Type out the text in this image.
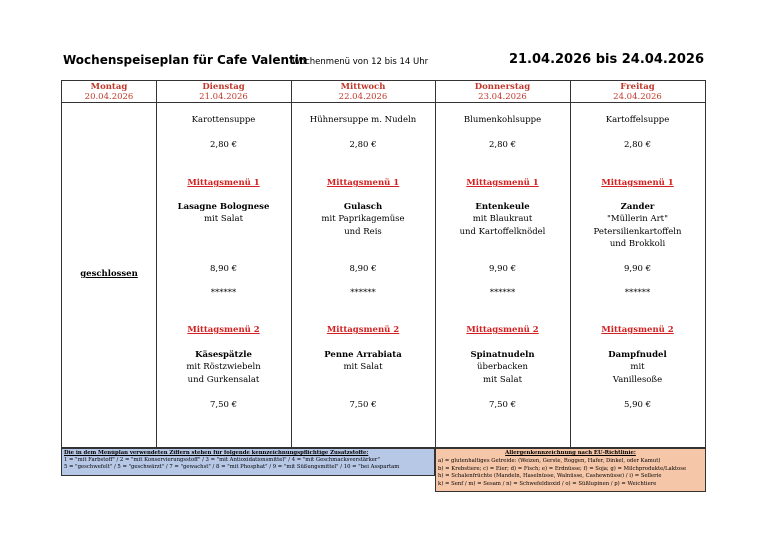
Wochenspeiseplan für Cafe Valentin
Wochenmenü von 12 bis 14 Uhr	21.04.2026 bis 24.04.2026
Montag
20.04.2026
Dienstag
21.04.2026
Mittwoch
22.04.2026
Donnerstag
23.04.2026
Freitag
24.04.2026
geschlossen
Karottensuppe
2,80 €
Mittagsmenü 1
Lasagne Bolognese
mit Salat
8,90 €
******
Mittagsmenü 2
Käsespätzle
mit Röstzwiebeln
und Gurkensalat
7,50 €
Hühnersuppe m. Nudeln
2,80 €
Mittagsmenü 1
Gulasch
mit Paprikagemüse
und Reis
8,90 €
******
Mittagsmenü 2
Penne Arrabiata
mit Salat
7,50 €
Blumenkohlsuppe
2,80 €
Mittagsmenü 1
Entenkeule
mit Blaukraut
und Kartoffelknödel
9,90 €
******
Mittagsmenü 2
Spinatnudeln
überbacken
mit Salat
7,50 €
Kartoffelsuppe
2,80 €
Mittagsmenü 1
Zander
"Müllerin Art"
Petersilienkartoffeln
und Brokkoli
9,90 €
******
Mittagsmenü 2
Dampfnudel
mit
Vanillesoße
5,90 €
Die in dem Menüplan verwendeten Ziffern stehen für folgende kennzeichnungspflichtige Zusatzstoffe:
1 = "mit Farbstoff" / 2 = "mit Konservierungsstoff" / 3 = "mit Antioxidationsmittel" / 4 = "mit Geschmacksverstärker"
5 = "geschwefelt" / 5 = "geschwärzt" / 7 = "gewachst" / 8 = "mit Phosphat" / 9 = "mit Süßungsmittel" / 10 = "bei Asspartam
Allergenkennzeichnung nach EU-Richtlinie:
a) = glutenhaltiges Getreide: (Weizen, Gerste, Roggen, Hafer, Dinkel, oder Kamut)
b) = Krebstiere; c) = Eier; d) = Fisch; e) = Erdnüsse; f) = Soja; g) = Milchprodukte/Laktose
h) = Schalenfrüchte (Mandeln, Haselnüsse, Walnüsse, Cashewnüsse) / i) = Sellerie
k) = Senf / m) = Sesam / n) = Schwefeldioxid / o) = Süßlupinen / p) = Weichtiere
